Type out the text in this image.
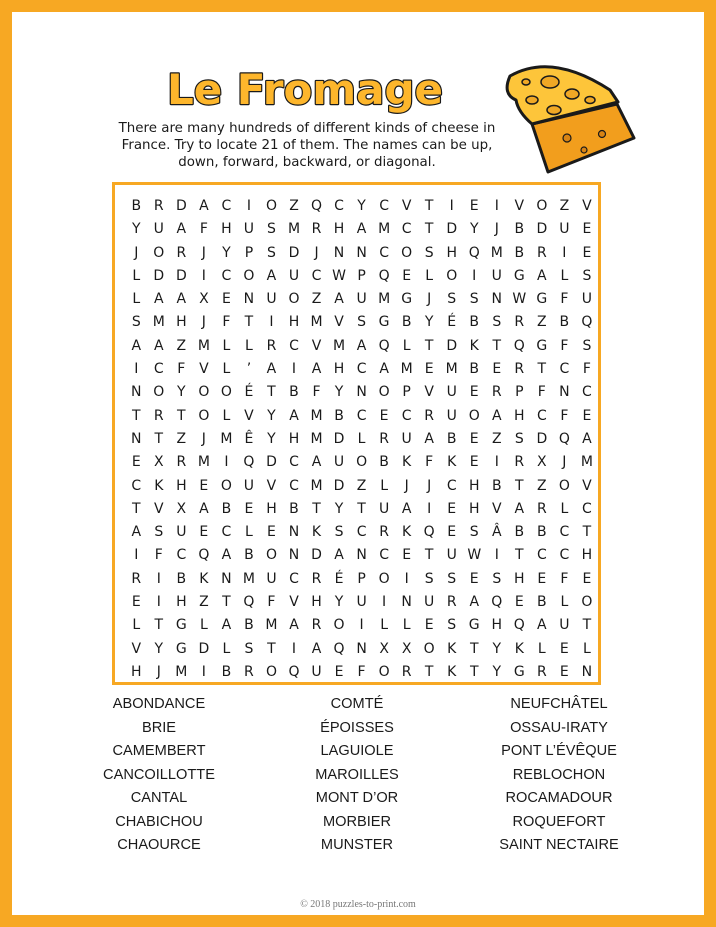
Le Fromage
There are many hundreds of different kinds of cheese in
France. Try to locate 21 of them. The names can be up,
down, forward, backward, or diagonal.
B R D A C	I	O Z Q C Y C V T	I	E	I	V O Z V
Y U A F H U S M R H A M C T D Y	J	B D U E
J	O R	J	Y	P S D	J	N N C O S H Q M B R	I	E
L D D	I	C O A U C W P Q E	L O	I	U G A L	S
L A A X E N U O Z A U M G	J	S S N W G F U
S M H	J	F	T	I	H M V S G B Y É B S R Z B Q
A A Z M L	L R C V M A Q L	T D K T Q G F	S
I	C F V L	’	A	I	A H C A M E M B E R T C F
N O Y O O É T B F	Y N O P V U E R P	F N C
T R T O L V Y A M B C E C R U O A H C F	E
N T Z	J	M Ê Y H M D L R U A B E Z S D Q A
E X R M	I	Q D C A U O B K F K E	I	R X	J	M
C K H E O U V C M D Z L	J	J	C H B T Z O V
T V X A B E H B T Y T U A	I	E H V A R L C
A S U E C L	E N K S C R K Q E S Â B B C T
I	F C Q A B O N D A N C E T U W I	T C C H
R	I	B K N M U C R É P O	I	S S E S H E	F	E
E	I	H Z T Q F V H Y U	I	N U R A Q E B L O
L	T G L A B M A R O	I	L	L	E S G H Q A U T
V Y G D L	S T	I	A Q N X X O K T Y K	L	E	L
H	J	M	I	B R O Q U E	F O R T K T Y G R E N
ABONDANCE
BRIE
CAMEMBERT
CANCOILLOTTE
CANTAL
CHABICHOU
CHAOURCE
COMTÉ
ÉPOISSES
LAGUIOLE
MAROILLES
MONT D’OR
MORBIER
MUNSTER
NEUFCHÂTEL
OSSAU-IRATY
PONT L’ÉVÊQUE
REBLOCHON
ROCAMADOUR
ROQUEFORT
SAINT NECTAIRE
© 2018 puzzles-to-print.com
